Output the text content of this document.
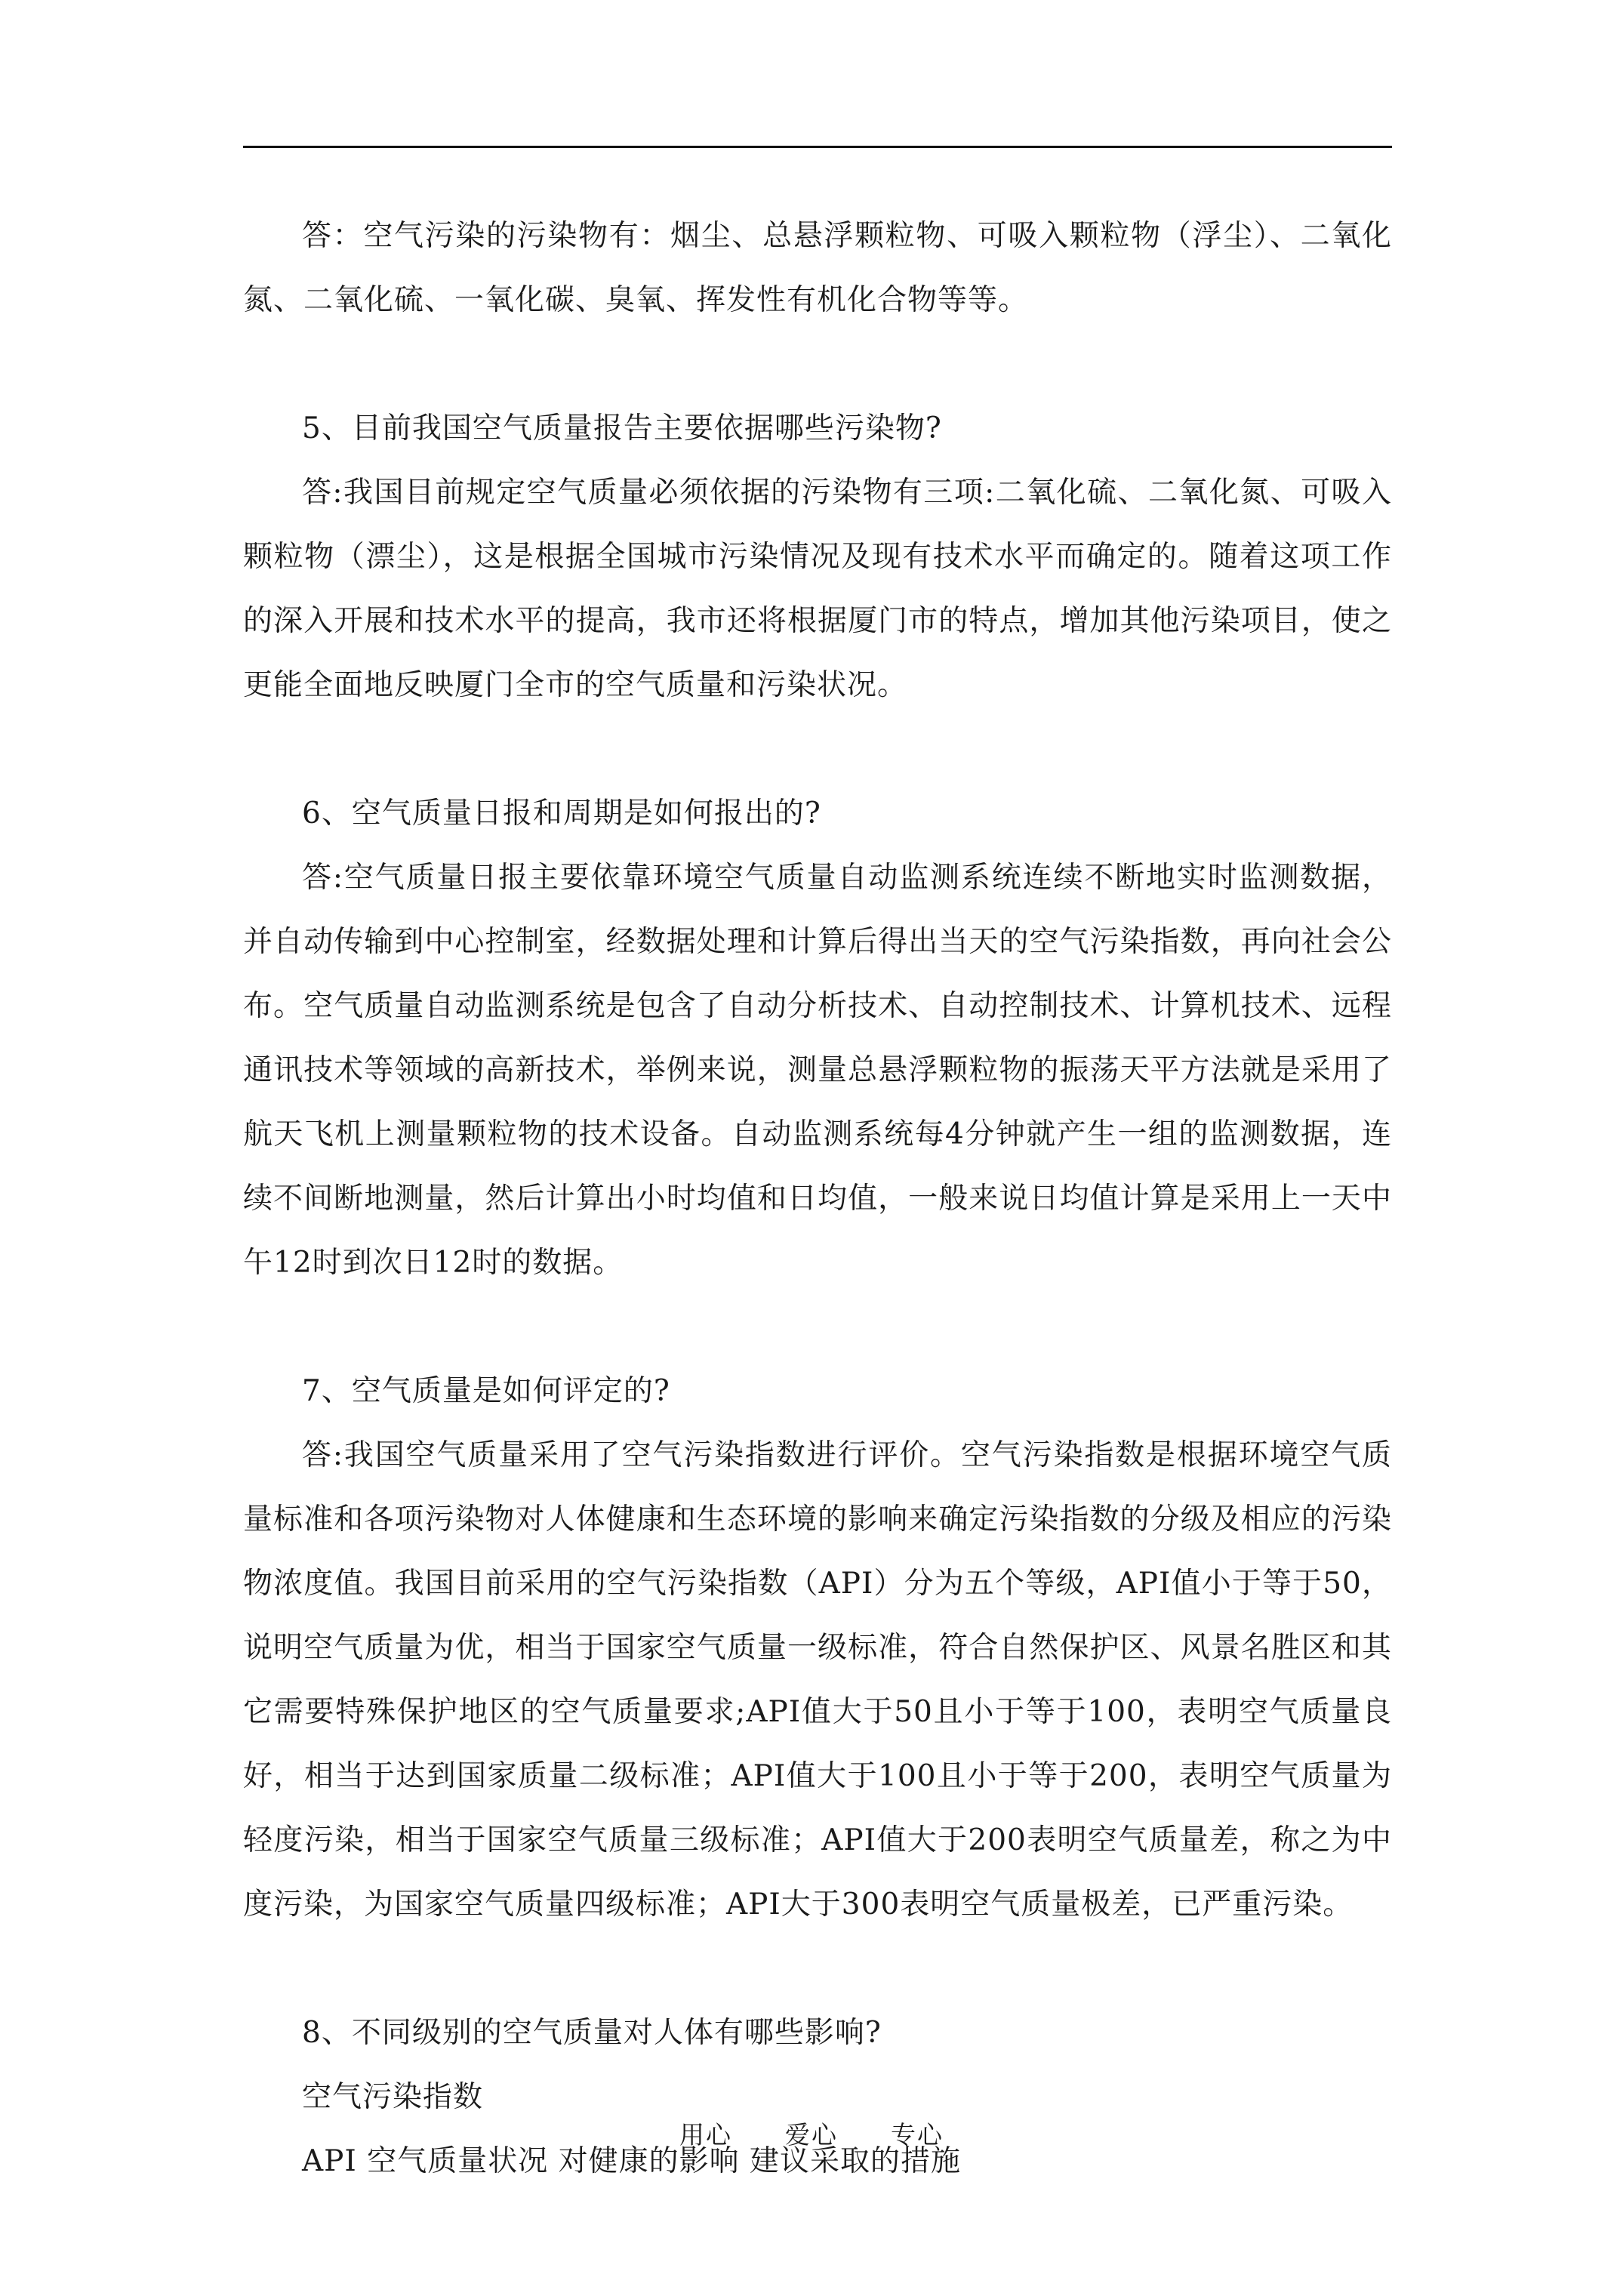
答：空气污染的污染物有：烟尘、总悬浮颗粒物、可吸入颗粒物（浮尘）、二氧化氮、二氧化硫、一氧化碳、臭氧、挥发性有机化合物等等。

5、目前我国空气质量报告主要依据哪些污染物?

答:我国目前规定空气质量必须依据的污染物有三项:二氧化硫、二氧化氮、可吸入颗粒物（漂尘），这是根据全国城市污染情况及现有技术水平而确定的。随着这项工作的深入开展和技术水平的提高，我市还将根据厦门市的特点，增加其他污染项目，使之更能全面地反映厦门全市的空气质量和污染状况。

6、空气质量日报和周期是如何报出的?

答:空气质量日报主要依靠环境空气质量自动监测系统连续不断地实时监测数据，并自动传输到中心控制室，经数据处理和计算后得出当天的空气污染指数，再向社会公布。空气质量自动监测系统是包含了自动分析技术、自动控制技术、计算机技术、远程通讯技术等领域的高新技术，举例来说，测量总悬浮颗粒物的振荡天平方法就是采用了航天飞机上测量颗粒物的技术设备。自动监测系统每4分钟就产生一组的监测数据，连续不间断地测量，然后计算出小时均值和日均值，一般来说日均值计算是采用上一天中午12时到次日12时的数据。

7、空气质量是如何评定的?

答:我国空气质量采用了空气污染指数进行评价。空气污染指数是根据环境空气质量标准和各项污染物对人体健康和生态环境的影响来确定污染指数的分级及相应的污染物浓度值。我国目前采用的空气污染指数（API）分为五个等级，API值小于等于50，说明空气质量为优，相当于国家空气质量一级标准，符合自然保护区、风景名胜区和其它需要特殊保护地区的空气质量要求;API值大于50且小于等于100，表明空气质量良好，相当于达到国家质量二级标准；API值大于100且小于等于200，表明空气质量为轻度污染，相当于国家空气质量三级标准；API值大于200表明空气质量差，称之为中度污染，为国家空气质量四级标准；API大于300表明空气质量极差，已严重污染。

8、不同级别的空气质量对人体有哪些影响?

空气污染指数

API 空气质量状况 对健康的影响 建议采取的措施

用心　　爱心　　专心
